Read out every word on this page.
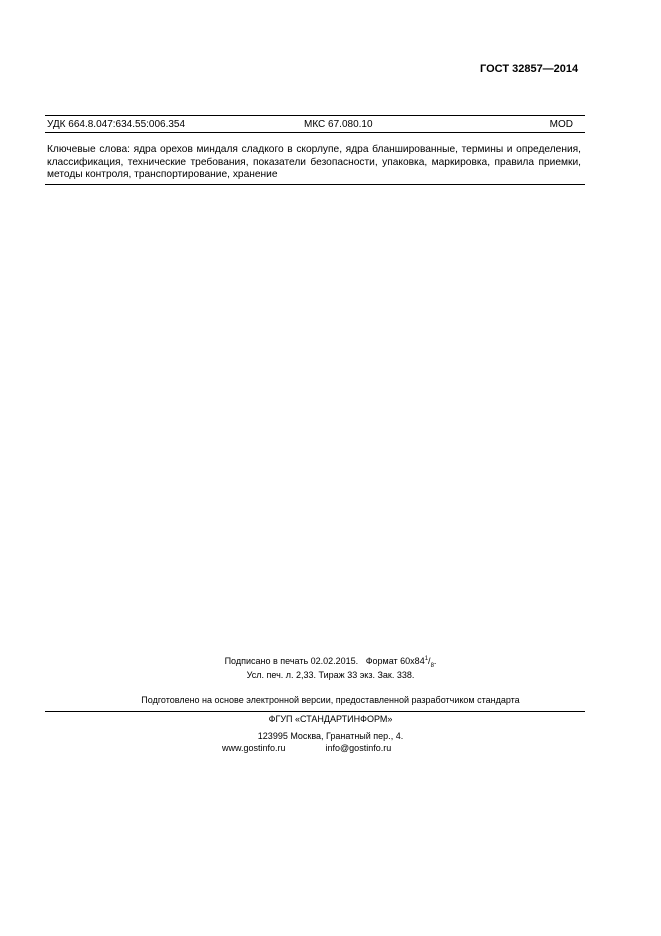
ГОСТ 32857—2014
УДК 664.8.047:634.55:006.354	МКС 67.080.10	MOD
Ключевые слова: ядра орехов миндаля сладкого в скорлупе, ядра бланшированные, термины и определения, классификация, технические требования, показатели безопасности, упаковка, маркировка, правила приемки, методы контроля, транспортирование, хранение
Подписано в печать 02.02.2015. Формат $60x84^1/_8$.
Усл. печ. л. 2,33. Тираж 33 экз. Зак. 338.
Подготовлено на основе электронной версии, предоставленной разработчиком стандарта
ФГУП «СТАНДАРТИНФОРМ»
123995 Москва, Гранатный пер., 4.
www.gostinfo.ru	info@gostinfo.ru
